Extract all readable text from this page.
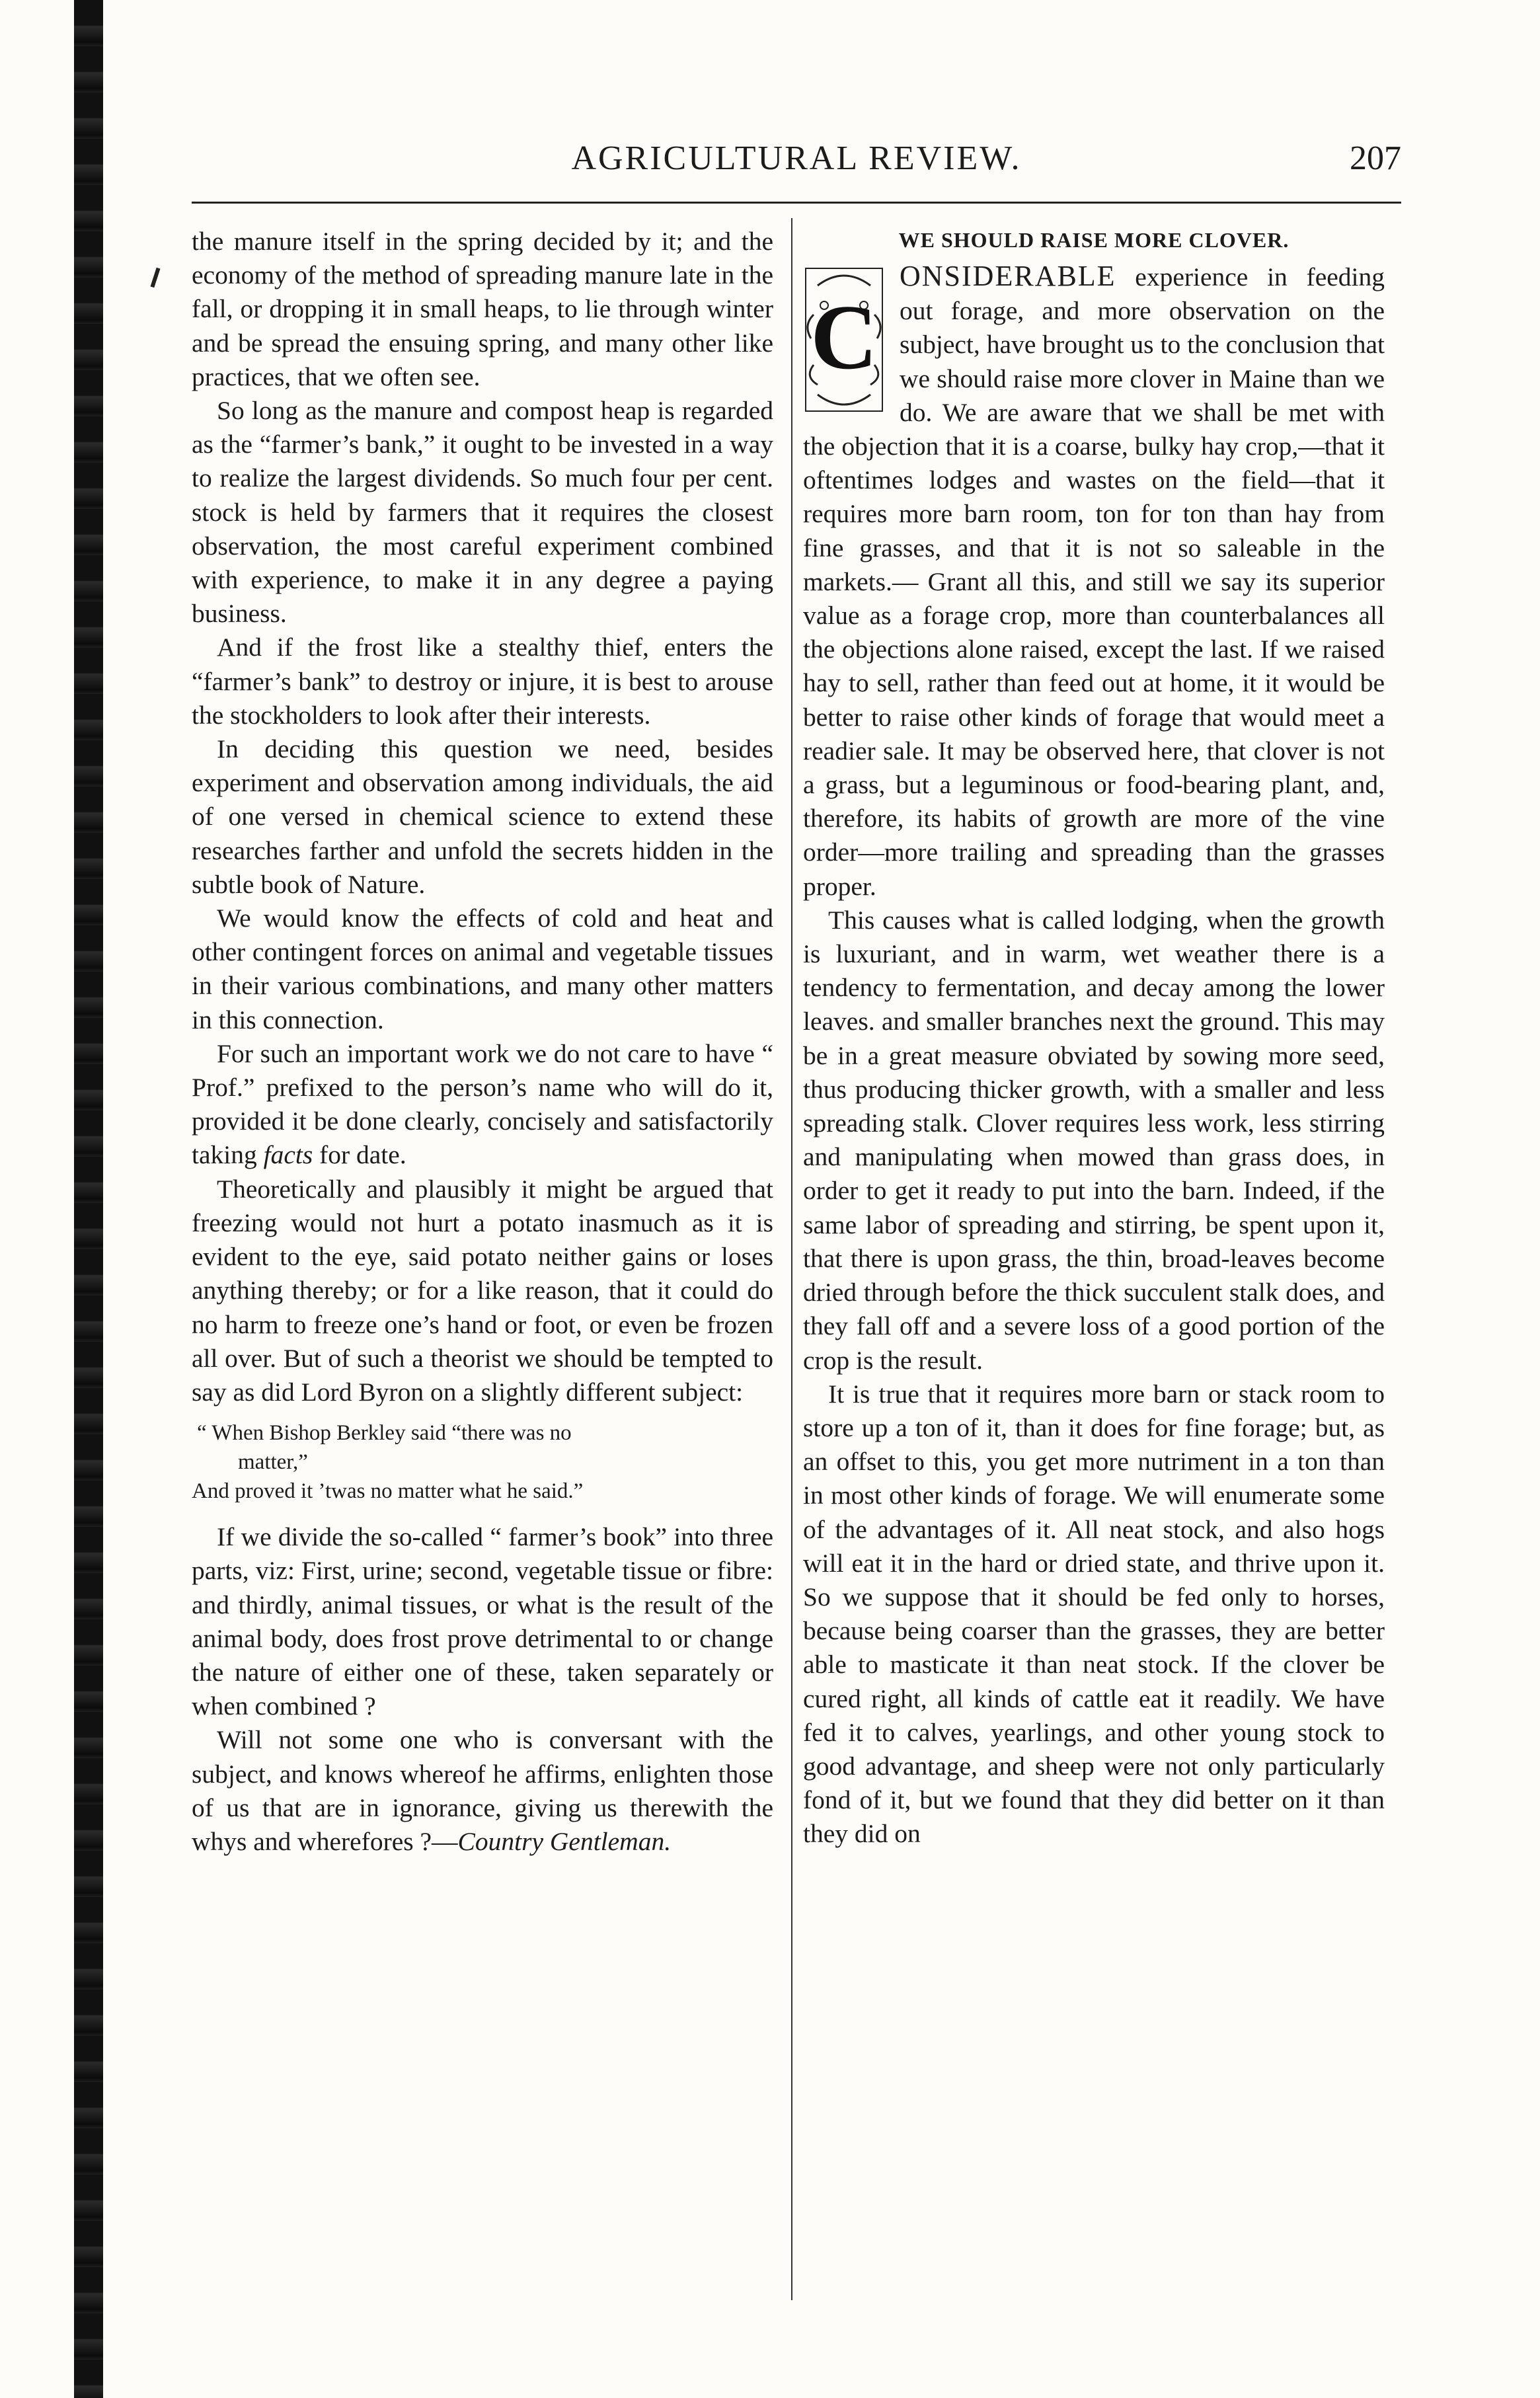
AGRICULTURAL REVIEW.	207

the manure itself in the spring decided by it; and the economy of the method of spreading manure late in the fall, or dropping it in small heaps, to lie through winter and be spread the ensuing spring, and many other like practices, that we often see.

So long as the manure and compost heap is regarded as the “farmer’s bank,” it ought to be invested in a way to realize the largest dividends. So much four per cent. stock is held by farmers that it requires the closest observation, the most careful experiment combined with experience, to make it in any degree a paying business.

And if the frost like a stealthy thief, enters the “farmer’s bank” to destroy or injure, it is best to arouse the stockholders to look after their interests.

In deciding this question we need, besides experiment and observation among individuals, the aid of one versed in chemical science to extend these researches farther and unfold the secrets hidden in the subtle book of Nature.

We would know the effects of cold and heat and other contingent forces on animal and vegetable tissues in their various combinations, and many other matters in this connection.

For such an important work we do not care to have “ Prof.” prefixed to the person’s name who will do it, provided it be done clearly, concisely and satisfactorily taking facts for date.

Theoretically and plausibly it might be argued that freezing would not hurt a potato inasmuch as it is evident to the eye, said potato neither gains or loses anything thereby; or for a like reason, that it could do no harm to freeze one’s hand or foot, or even be frozen all over. But of such a theorist we should be tempted to say as did Lord Byron on a slightly different subject:

“ When Bishop Berkley said “there was no
matter,”
And proved it ’twas no matter what he said.”

If we divide the so-called “ farmer’s book” into three parts, viz: First, urine; second, vegetable tissue or fibre: and thirdly, animal tissues, or what is the result of the animal body, does frost prove detrimental to or change the nature of either one of these, taken separately or when combined ?

Will not some one who is conversant with the subject, and knows whereof he affirms, enlighten those of us that are in ignorance, giving us therewith the whys and wherefores ?—Country Gentleman.

WE SHOULD RAISE MORE CLOVER.

C
ONSIDERABLE experience in feeding out forage, and more observation on the subject, have brought us to the conclusion that we should raise more clover in Maine than we do. We are aware that we shall be met with the objection that it is a coarse, bulky hay crop,—that it oftentimes lodges and wastes on the field—that it requires more barn room, ton for ton than hay from fine grasses, and that it is not so saleable in the markets.— Grant all this, and still we say its superior value as a forage crop, more than counterbalances all the objections alone raised, except the last. If we raised hay to sell, rather than feed out at home, it it would be better to raise other kinds of forage that would meet a readier sale. It may be observed here, that clover is not a grass, but a leguminous or food-bearing plant, and, therefore, its habits of growth are more of the vine order—more trailing and spreading than the grasses proper.

This causes what is called lodging, when the growth is luxuriant, and in warm, wet weather there is a tendency to fermentation, and decay among the lower leaves. and smaller branches next the ground. This may be in a great measure obviated by sowing more seed, thus producing thicker growth, with a smaller and less spreading stalk. Clover requires less work, less stirring and manipulating when mowed than grass does, in order to get it ready to put into the barn. Indeed, if the same labor of spreading and stirring, be spent upon it, that there is upon grass, the thin, broad-leaves become dried through before the thick succulent stalk does, and they fall off and a severe loss of a good portion of the crop is the result.

It is true that it requires more barn or stack room to store up a ton of it, than it does for fine forage; but, as an offset to this, you get more nutriment in a ton than in most other kinds of forage. We will enumerate some of the advantages of it. All neat stock, and also hogs will eat it in the hard or dried state, and thrive upon it. So we suppose that it should be fed only to horses, because being coarser than the grasses, they are better able to masticate it than neat stock. If the clover be cured right, all kinds of cattle eat it readily. We have fed it to calves, yearlings, and other young stock to good advantage, and sheep were not only particularly fond of it, but we found that they did better on it than they did on
